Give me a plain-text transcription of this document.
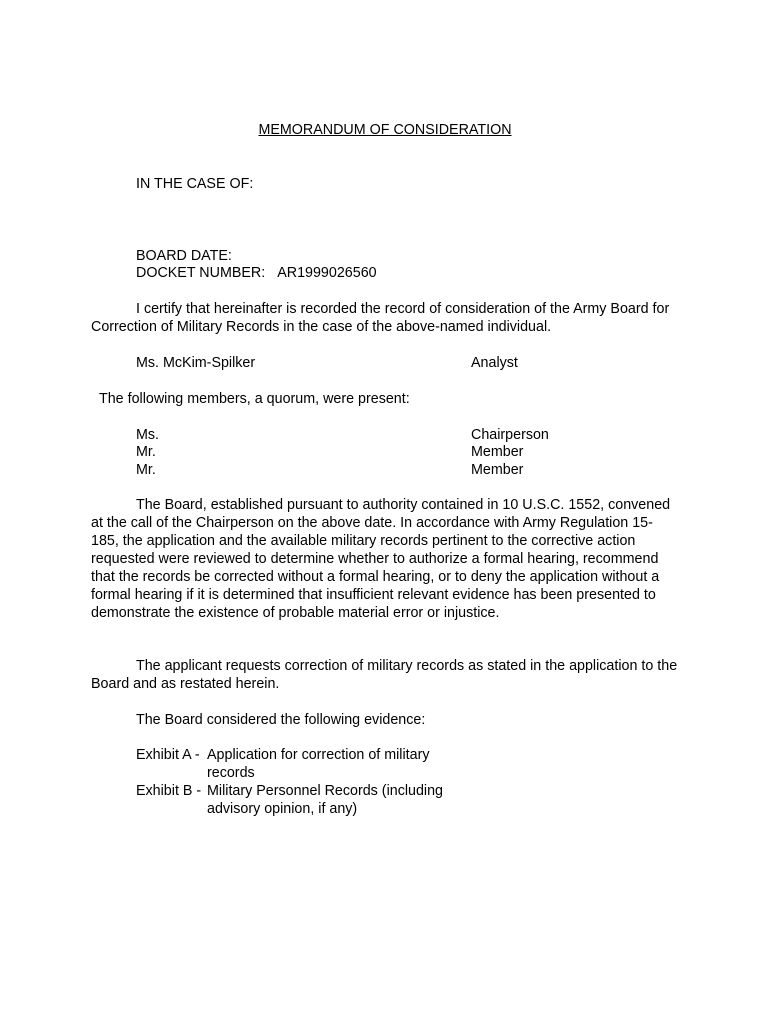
MEMORANDUM OF CONSIDERATION
IN THE CASE OF:
BOARD DATE:
DOCKET NUMBER: AR1999026560
I certify that hereinafter is recorded the record of consideration of the Army Board for Correction of Military Records in the case of the above-named individual.
Ms. McKim-Spilker	Analyst
The following members, a quorum, were present:
Ms.	Chairperson
Mr.	Member
Mr.	Member
The Board, established pursuant to authority contained in 10 U.S.C. 1552, convened at the call of the Chairperson on the above date. In accordance with Army Regulation 15-185, the application and the available military records pertinent to the corrective action requested were reviewed to determine whether to authorize a formal hearing, recommend that the records be corrected without a formal hearing, or to deny the application without a formal hearing if it is determined that insufficient relevant evidence has been presented to demonstrate the existence of probable material error or injustice.
The applicant requests correction of military records as stated in the application to the Board and as restated herein.
The Board considered the following evidence:
Exhibit A - Application for correction of military records
Exhibit B - Military Personnel Records (including advisory opinion, if any)
